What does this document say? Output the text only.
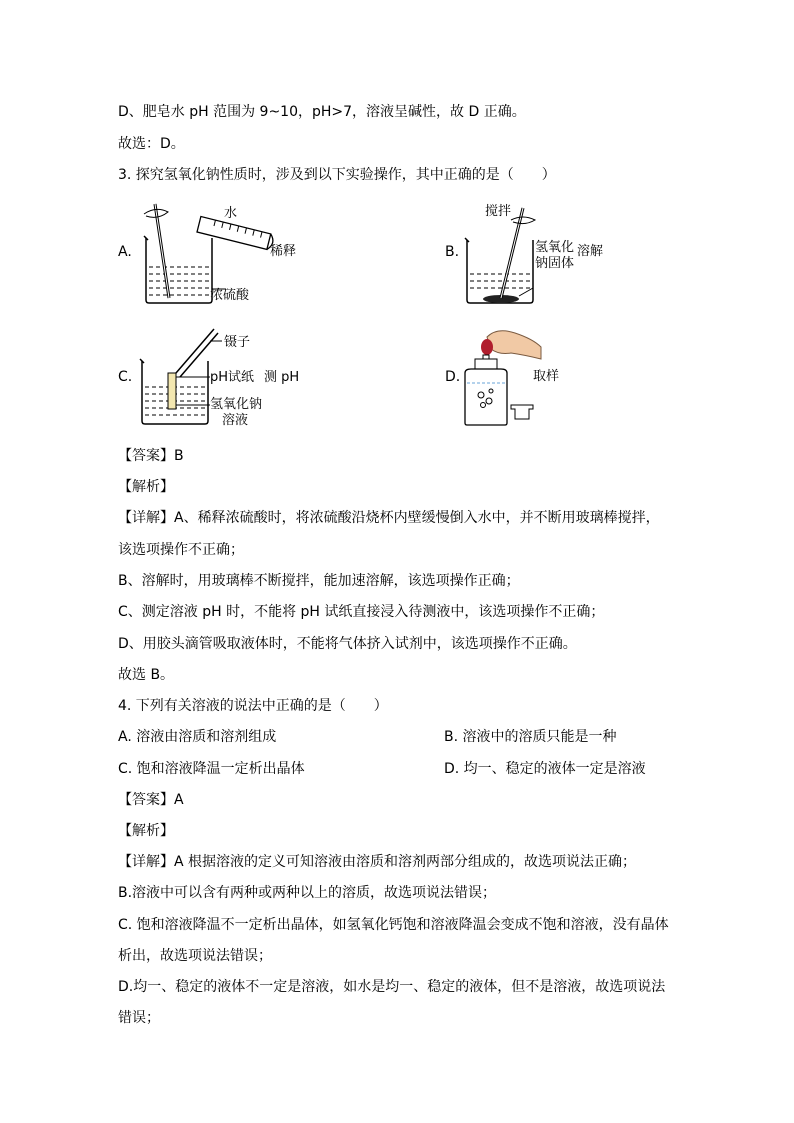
D、肥皂水 pH 范围为 9~10，pH>7，溶液呈碱性，故 D 正确。
故选：D。
3. 探究氢氧化钠性质时，涉及到以下实验操作，其中正确的是（　　）
A.
水
稀释
浓硫酸
B.
搅拌
溶解
氢氧化
钠固体
C.
镊子
pH试纸 测 pH
氢氧化钠
溶液
D.	取样
【答案】B
【解析】
【详解】A、稀释浓硫酸时，将浓硫酸沿烧杯内壁缓慢倒入水中，并不断用玻璃棒搅拌，
该选项操作不正确；
B、溶解时，用玻璃棒不断搅拌，能加速溶解，该选项操作正确；
C、测定溶液 pH 时，不能将 pH 试纸直接浸入待测液中，该选项操作不正确；
D、用胶头滴管吸取液体时，不能将气体挤入试剂中，该选项操作不正确。
故选 B。
4. 下列有关溶液的说法中正确的是（　　）
A. 溶液由溶质和溶剂组成	B. 溶液中的溶质只能是一种
C. 饱和溶液降温一定析出晶体	D. 均一、稳定的液体一定是溶液
【答案】A
【解析】
【详解】A 根据溶液的定义可知溶液由溶质和溶剂两部分组成的，故选项说法正确；
B.溶液中可以含有两种或两种以上的溶质，故选项说法错误；
C. 饱和溶液降温不一定析出晶体，如氢氧化钙饱和溶液降温会变成不饱和溶液，没有晶体
析出，故选项说法错误；
D.均一、稳定的液体不一定是溶液，如水是均一、稳定的液体，但不是溶液，故选项说法
错误；
